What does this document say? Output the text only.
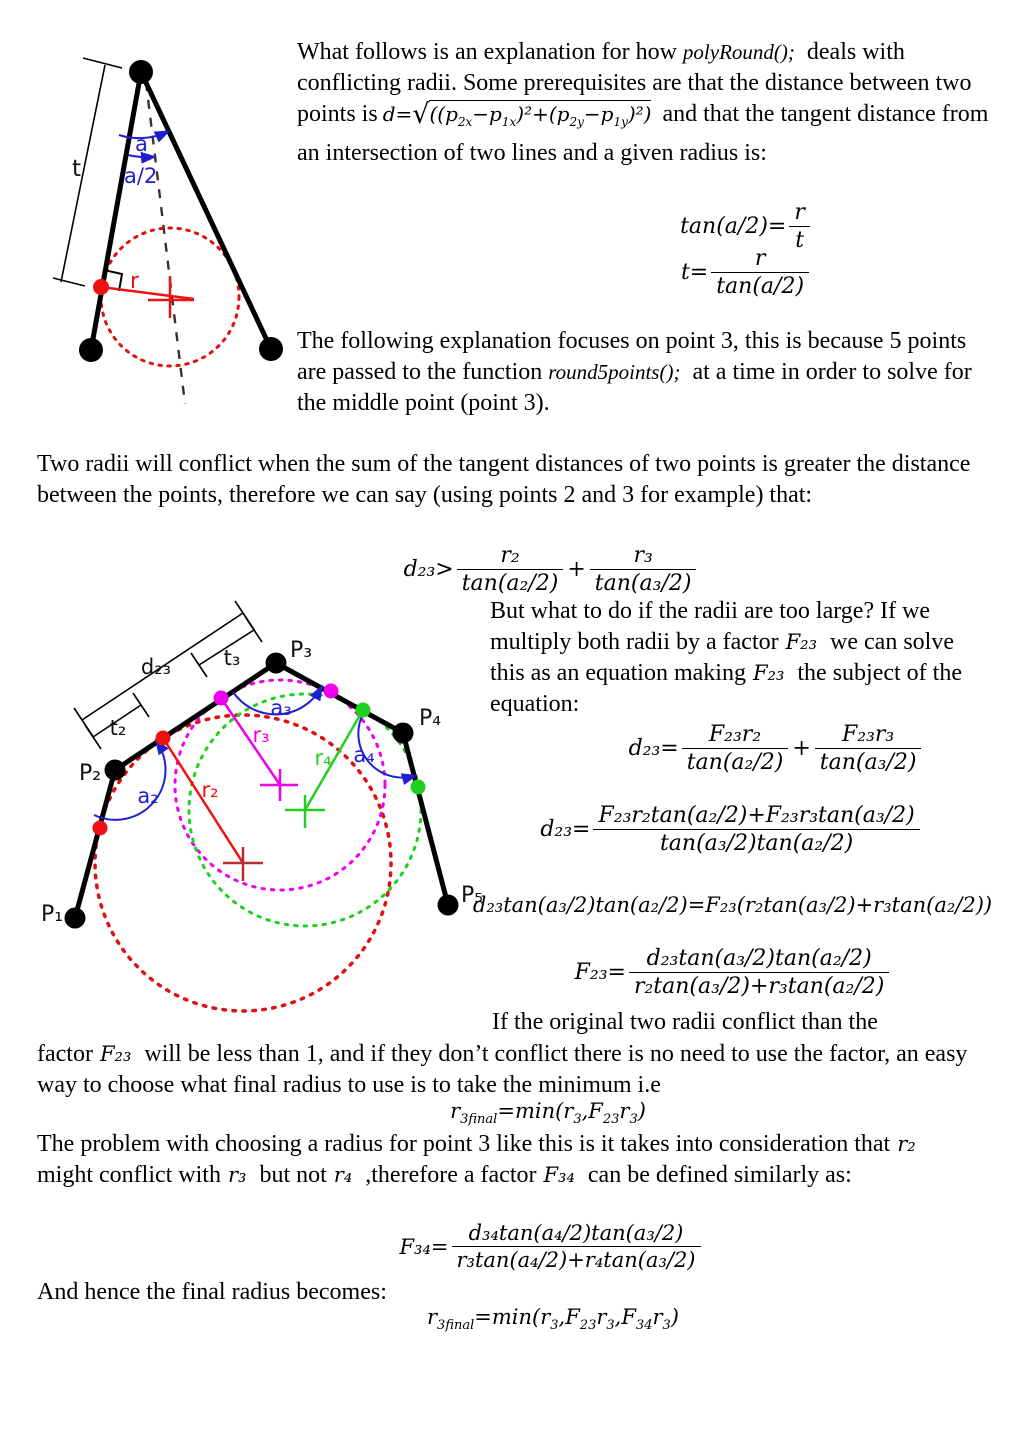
t
a
a/2
r
What follows is an explanation for how polyRound(); deals with conflicting radii. Some prerequisites are that the distance between two points is $d=√((p_{2x}-p_{1x})^2+(p_{2y}-p_{1y})^2)$ and that the tangent distance from an intersection of two lines and a given radius is:
$\tan(a/2)= \frac{r}{t}$
$t= \frac{r}{\tan(a/2)}$
The following explanation focuses on point 3, this is because 5 points are passed to the function round5points(); at a time in order to solve for the middle point (point 3).
Two radii will conflict when the sum of the tangent distances of two points is greater the distance between the points, therefore we can say (using points 2 and 3 for example) that:
$d_{23}> \frac{\text{r₂}}{\text{tan(a₂/2)}} + \frac{\text{r₃}}{\text{tan(a₃/2)}}$
d₂₃
t₂
t₃
a₂
a₃
a₄
r₂
r₃
r₄
P₁
P₂
P₃
P₄
P₅
But what to do if the radii are too large? If we multiply both radii by a factor F₂₃ we can solve this as an equation making F₂₃ the subject of the equation:
$d_{23}= \frac{\text{F₂₃r₂}}{\text{tan(a₂/2)}} + \frac{\text{F₂₃r₃}}{\text{tan(a₃/2)}}$
$d_{23}= \frac{\text{F₂₃r₂tan(a₂/2)+F₂₃r₃tan(a₃/2)}}{\text{tan(a₃/2)tan(a₂/2)}}$
d₂₃tan(a₃/2)tan(a₂/2)=F₂₃(r₂tan(a₃/2)+r₃tan(a₂/2))
$F_{23}= \frac{\text{d₂₃tan(a₃/2)tan(a₂/2)}}{\text{r₂tan(a₃/2)+r₃tan(a₂/2)}}$
If the original two radii conflict than the
factor F₂₃ will be less than 1, and if they don’t conflict there is no need to use the factor, an easy way to choose what final radius to use is to take the minimum i.e
$r_{3final}=\min(r_3,F_{23}r_3)$
The problem with choosing a radius for point 3 like this is it takes into consideration that r₂ might conflict with r₃ but not r₄ ,therefore a factor F₃₄ can be defined similarly as:
$F_{34}= \frac{\text{d₃₄tan(a₄/2)tan(a₃/2)}}{\text{r₃tan(a₄/2)+r₄tan(a₃/2)}}$
And hence the final radius becomes:
$r_{3final}=\min(r_3,F_{23}r_3,F_{34}r_3)$
